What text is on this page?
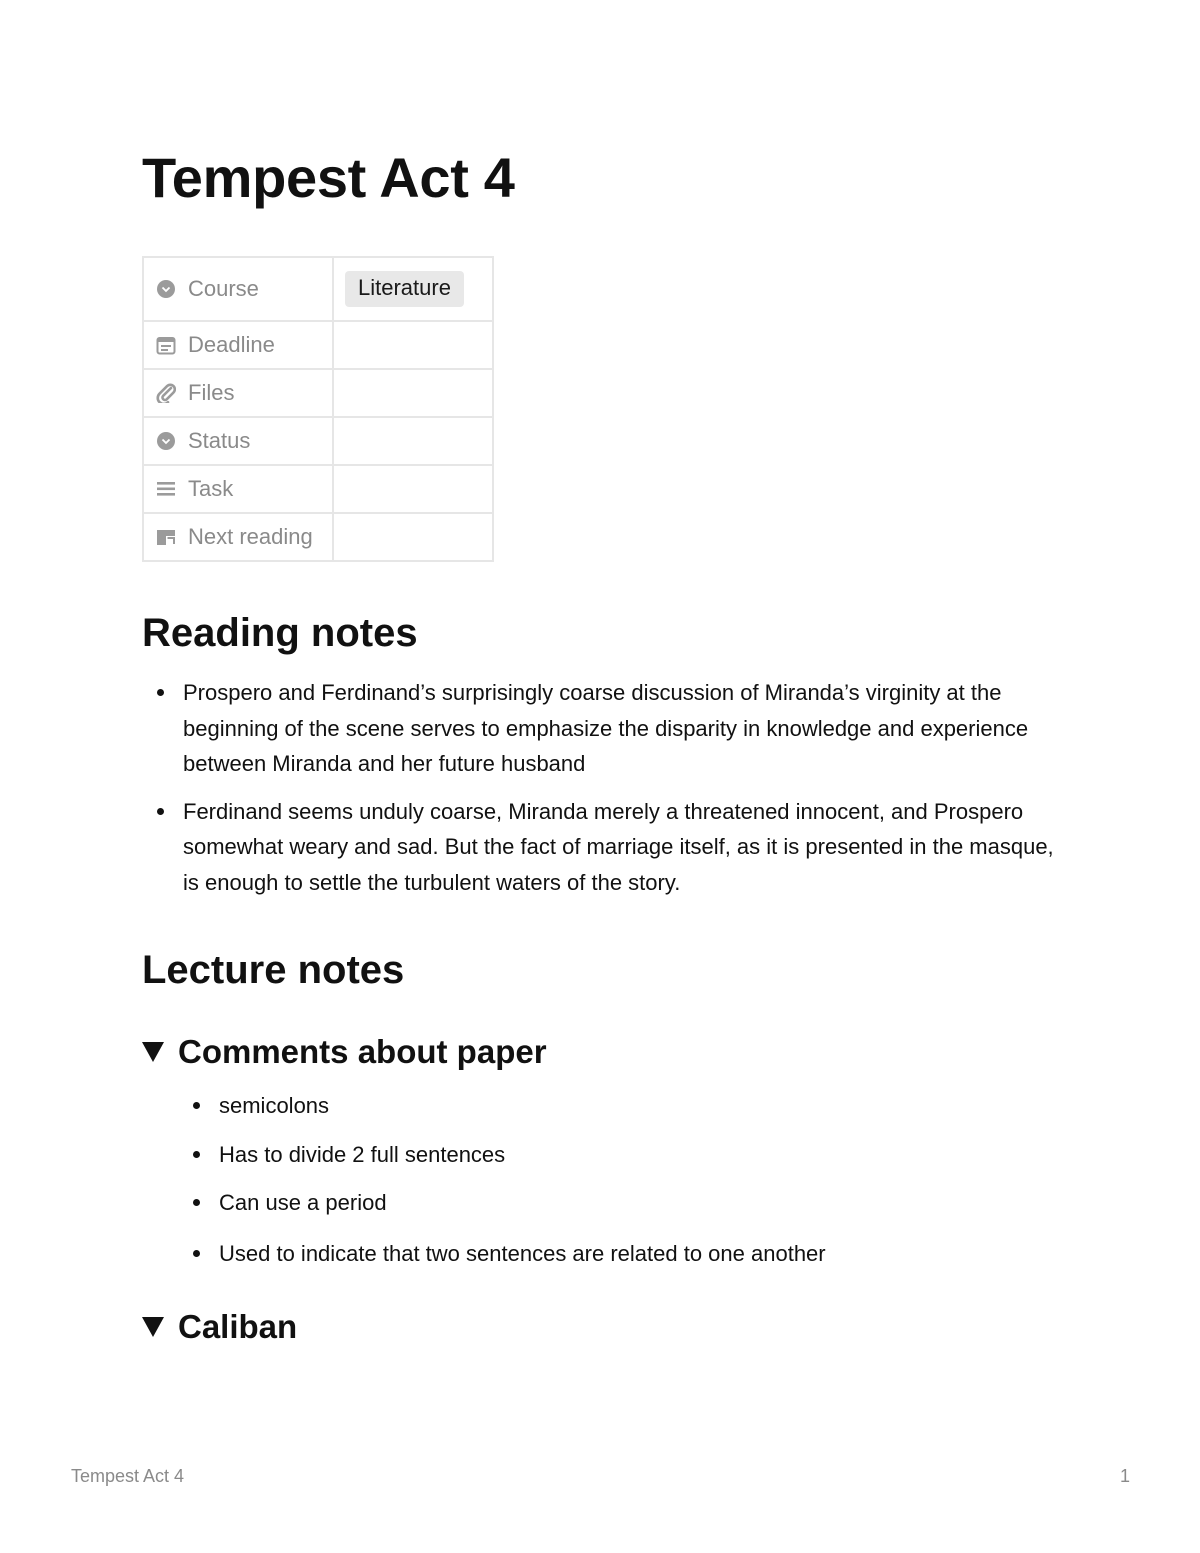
Tempest Act 4
Course	Literature

Deadline	

Files	

Status	

Task	

Next reading	

Reading notes
Prospero and Ferdinand’s surprisingly coarse discussion of Miranda’s virginity at the beginning of the scene serves to emphasize the disparity in knowledge and experience between Miranda and her future husband
Ferdinand seems unduly coarse, Miranda merely a threatened innocent, and Prospero somewhat weary and sad. But the fact of marriage itself, as it is presented in the masque, is enough to settle the turbulent waters of the story.
Lecture notes
Comments about paper
semicolons
Has to divide 2 full sentences
Can use a period
Used to indicate that two sentences are related to one another
Caliban
Tempest Act 4	1
